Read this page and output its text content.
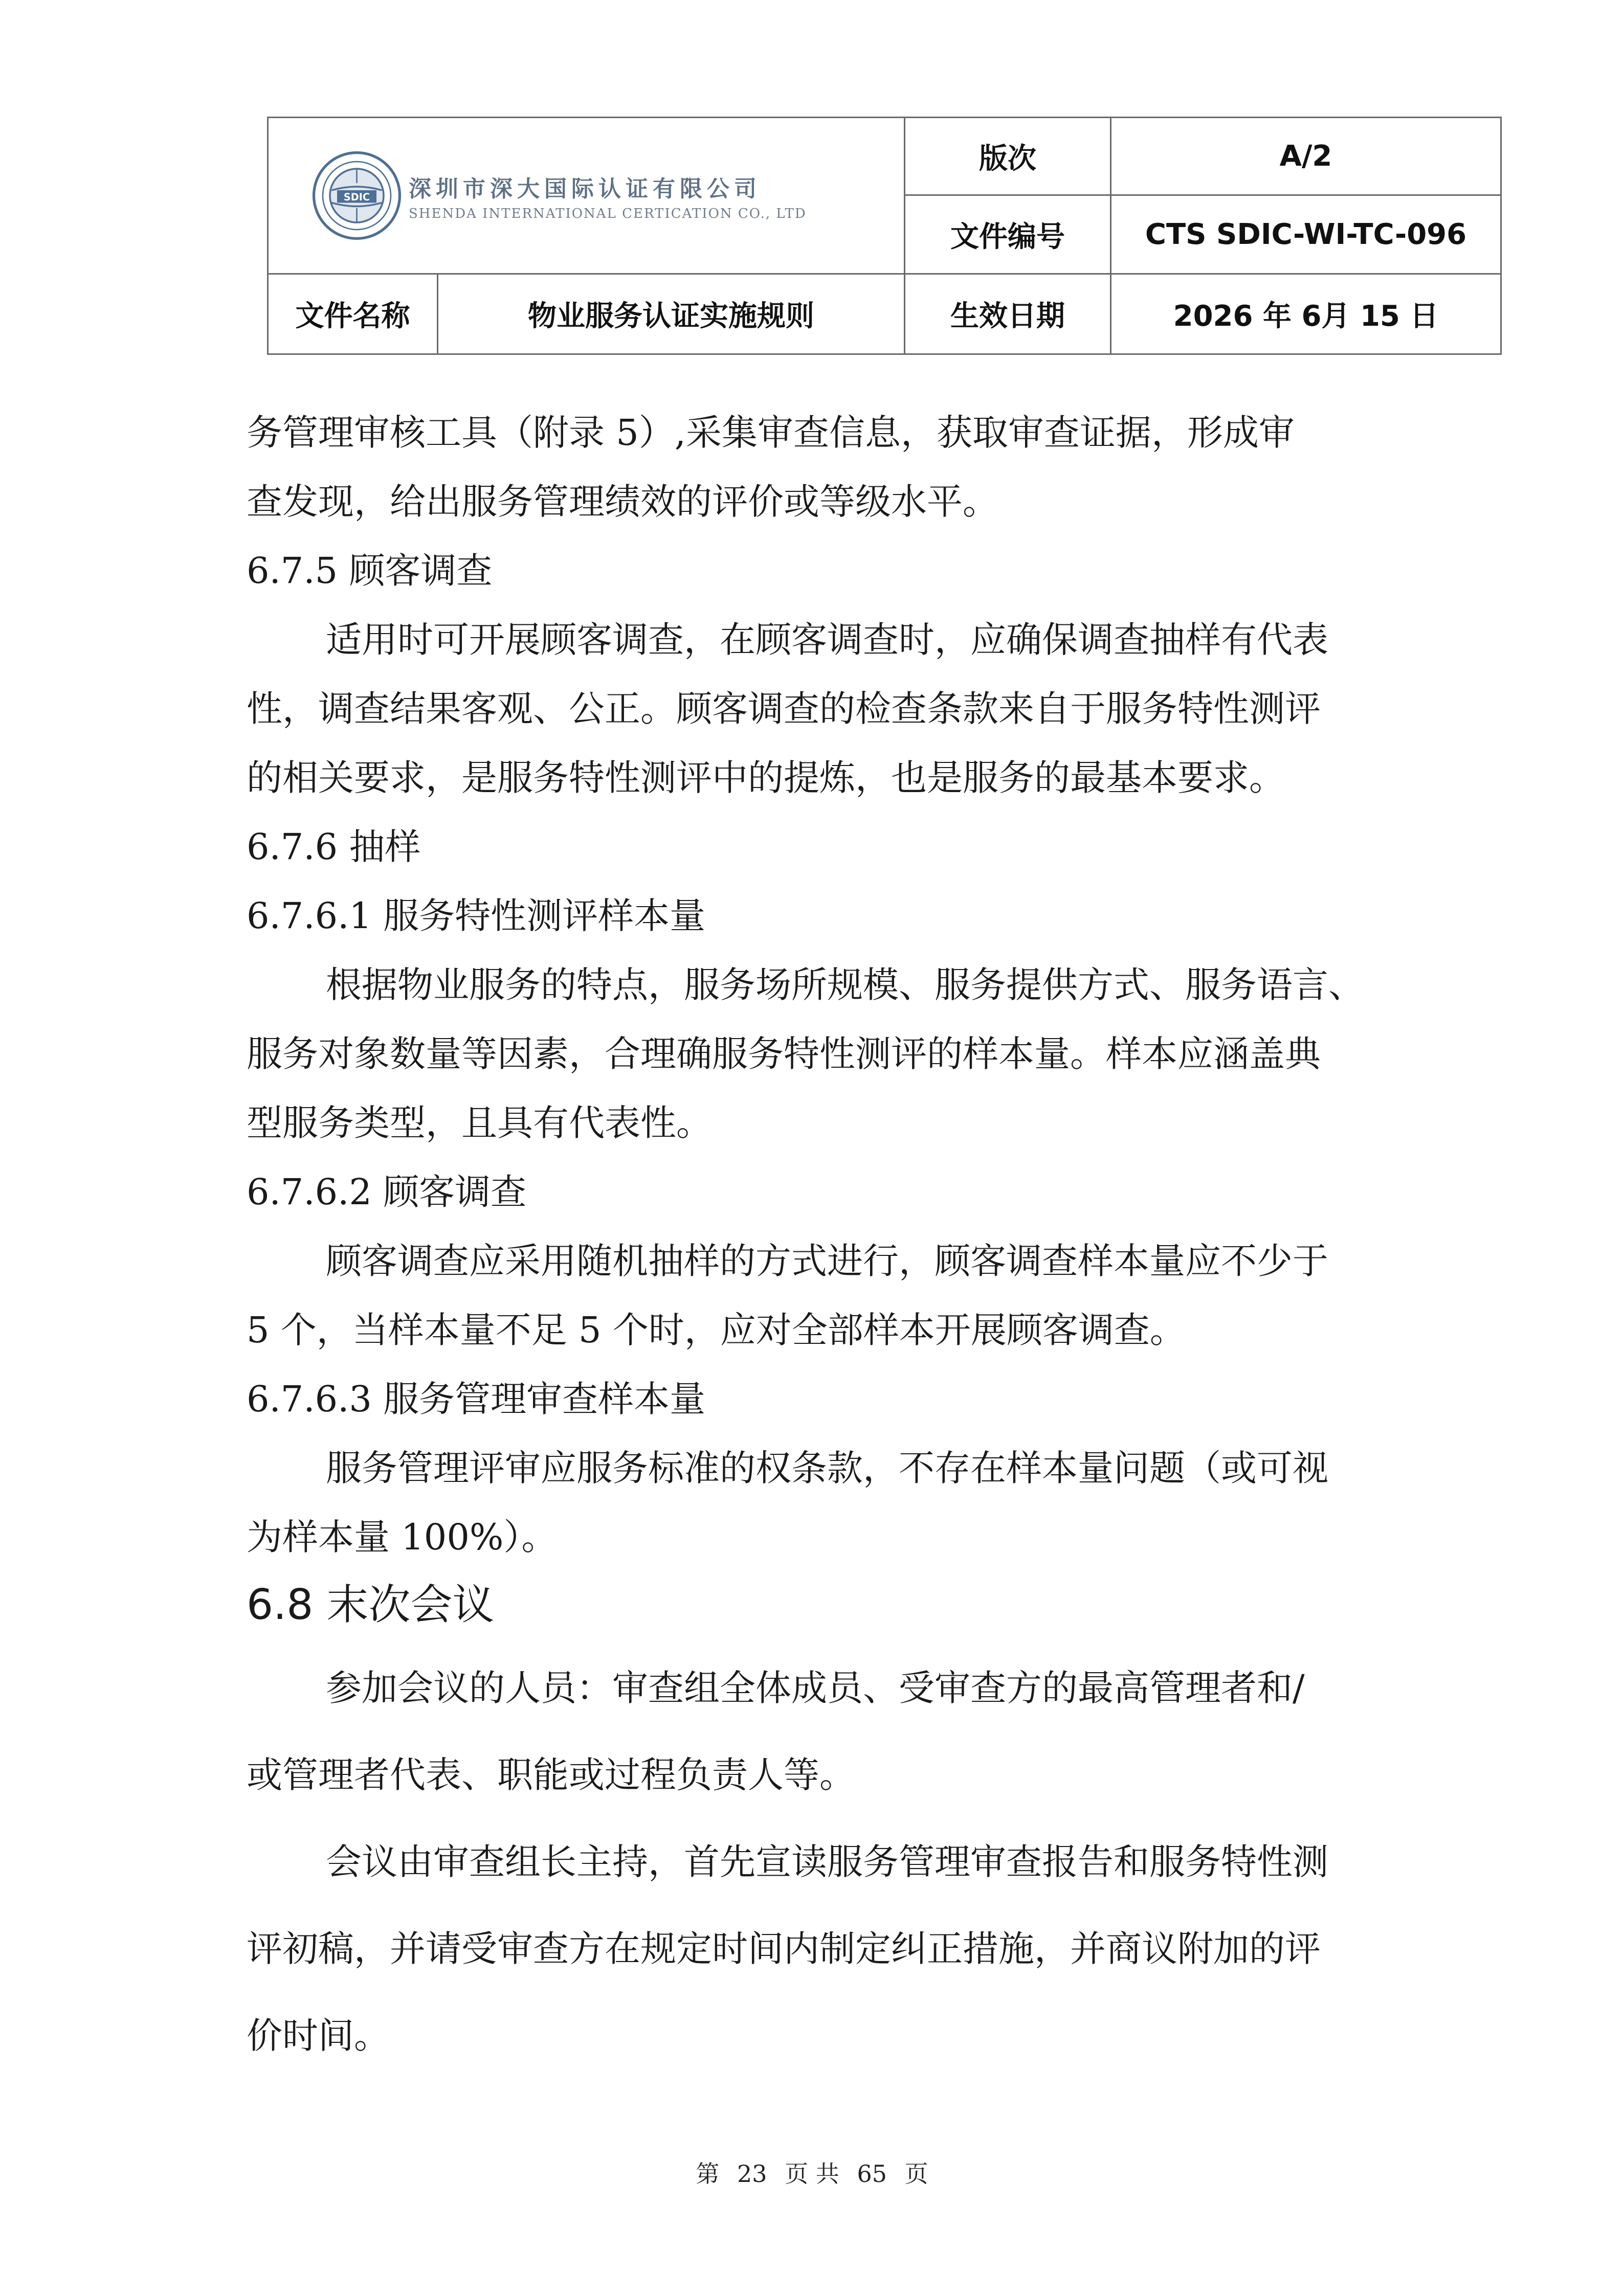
SDIC 深圳市深大国际认证有限公司
SHENDA INTERNATIONAL CERTICATION CO., LTD		版次	A/2
		文件编号	CTS SDIC-WI-TC-096
文件名称	物业服务认证实施规则	生效日期	2026 年 6月 15 日
务管理审核工具（附录 5）,采集审查信息，获取审查证据，形成审
查发现，给出服务管理绩效的评价或等级水平。
6.7.5 顾客调查
适用时可开展顾客调查，在顾客调查时，应确保调查抽样有代表
性，调查结果客观、公正。顾客调查的检查条款来自于服务特性测评
的相关要求，是服务特性测评中的提炼，也是服务的最基本要求。
6.7.6 抽样
6.7.6.1 服务特性测评样本量
根据物业服务的特点，服务场所规模、服务提供方式、服务语言、
服务对象数量等因素，合理确服务特性测评的样本量。样本应涵盖典
型服务类型，且具有代表性。
6.7.6.2 顾客调查
顾客调查应采用随机抽样的方式进行，顾客调查样本量应不少于
5 个，当样本量不足 5 个时，应对全部样本开展顾客调查。
6.7.6.3 服务管理审查样本量
服务管理评审应服务标准的权条款，不存在样本量问题（或可视
为样本量 100%）。
6.8 末次会议
参加会议的人员：审查组全体成员、受审查方的最高管理者和/
或管理者代表、职能或过程负责人等。
会议由审查组长主持，首先宣读服务管理审查报告和服务特性测
评初稿，并请受审查方在规定时间内制定纠正措施，并商议附加的评
价时间。
第 23 页 共 65 页
